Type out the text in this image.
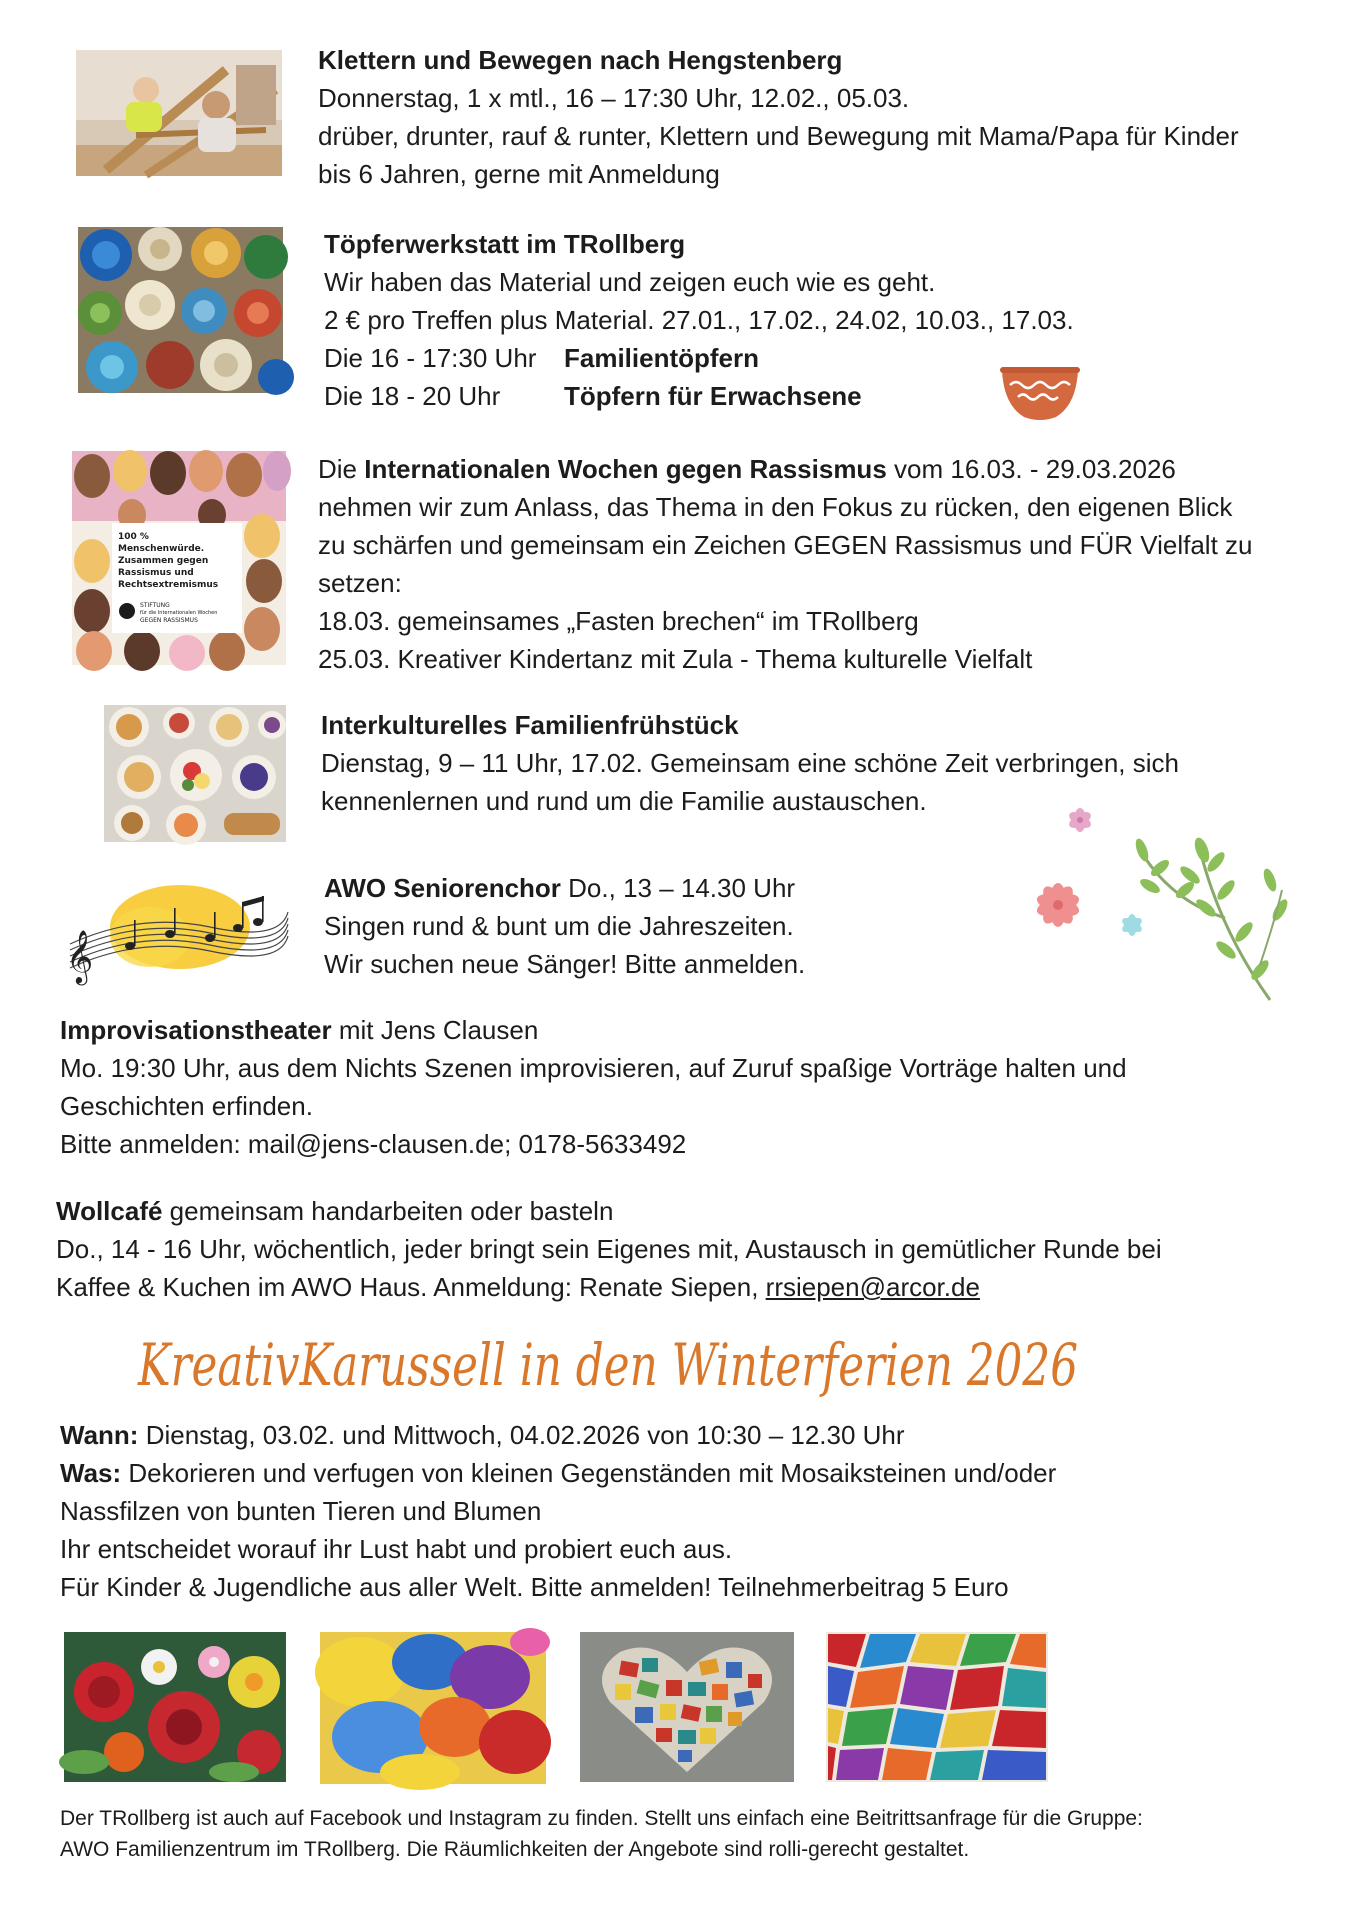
Klettern und Bewegen nach Hengstenberg
Donnerstag, 1 x mtl., 16 – 17:30 Uhr, 12.02., 05.03.
drüber, drunter, rauf & runter, Klettern und Bewegung mit Mama/Papa für Kinder
bis 6 Jahren, gerne mit Anmeldung
Töpferwerkstatt im TRollberg
Wir haben das Material und zeigen euch wie es geht.
2 € pro Treffen plus Material. 27.01., 17.02., 24.02, 10.03., 17.03.
Die 16 - 17:30 Uhr Familientöpfern
Die 18 - 20 Uhr Töpfern für Erwachsene
100 %
Menschenwürde.
Zusammen gegen
Rassismus und
Rechtsextremismus
STIFTUNG
für die Internationalen Wochen
GEGEN RASSISMUS
Die Internationalen Wochen gegen Rassismus vom 16.03. - 29.03.2026
nehmen wir zum Anlass, das Thema in den Fokus zu rücken, den eigenen Blick
zu schärfen und gemeinsam ein Zeichen GEGEN Rassismus und FÜR Vielfalt zu
setzen:
18.03. gemeinsames „Fasten brechen“ im TRollberg
25.03. Kreativer Kindertanz mit Zula - Thema kulturelle Vielfalt
Interkulturelles Familienfrühstück
Dienstag, 9 – 11 Uhr, 17.02. Gemeinsam eine schöne Zeit verbringen, sich
kennenlernen und rund um die Familie austauschen.
𝄞
AWO Seniorenchor Do., 13 – 14.30 Uhr
Singen rund & bunt um die Jahreszeiten.
Wir suchen neue Sänger! Bitte anmelden.
Improvisationstheater mit Jens Clausen
Mo. 19:30 Uhr, aus dem Nichts Szenen improvisieren, auf Zuruf spaßige Vorträge halten und
Geschichten erfinden.
Bitte anmelden: mail@jens-clausen.de; 0178-5633492
Wollcafé gemeinsam handarbeiten oder basteln
Do., 14 - 16 Uhr, wöchentlich, jeder bringt sein Eigenes mit, Austausch in gemütlicher Runde bei
Kaffee & Kuchen im AWO Haus. Anmeldung: Renate Siepen, rrsiepen@arcor.de
KreativKarussell in den Winterferien 2026
Wann: Dienstag, 03.02. und Mittwoch, 04.02.2026 von 10:30 – 12.30 Uhr
Was: Dekorieren und verfugen von kleinen Gegenständen mit Mosaiksteinen und/oder
Nassfilzen von bunten Tieren und Blumen
Ihr entscheidet worauf ihr Lust habt und probiert euch aus.
Für Kinder & Jugendliche aus aller Welt. Bitte anmelden! Teilnehmerbeitrag 5 Euro
Der TRollberg ist auch auf Facebook und Instagram zu finden. Stellt uns einfach eine Beitrittsanfrage für die Gruppe:
AWO Familienzentrum im TRollberg. Die Räumlichkeiten der Angebote sind rolli-gerecht gestaltet.
